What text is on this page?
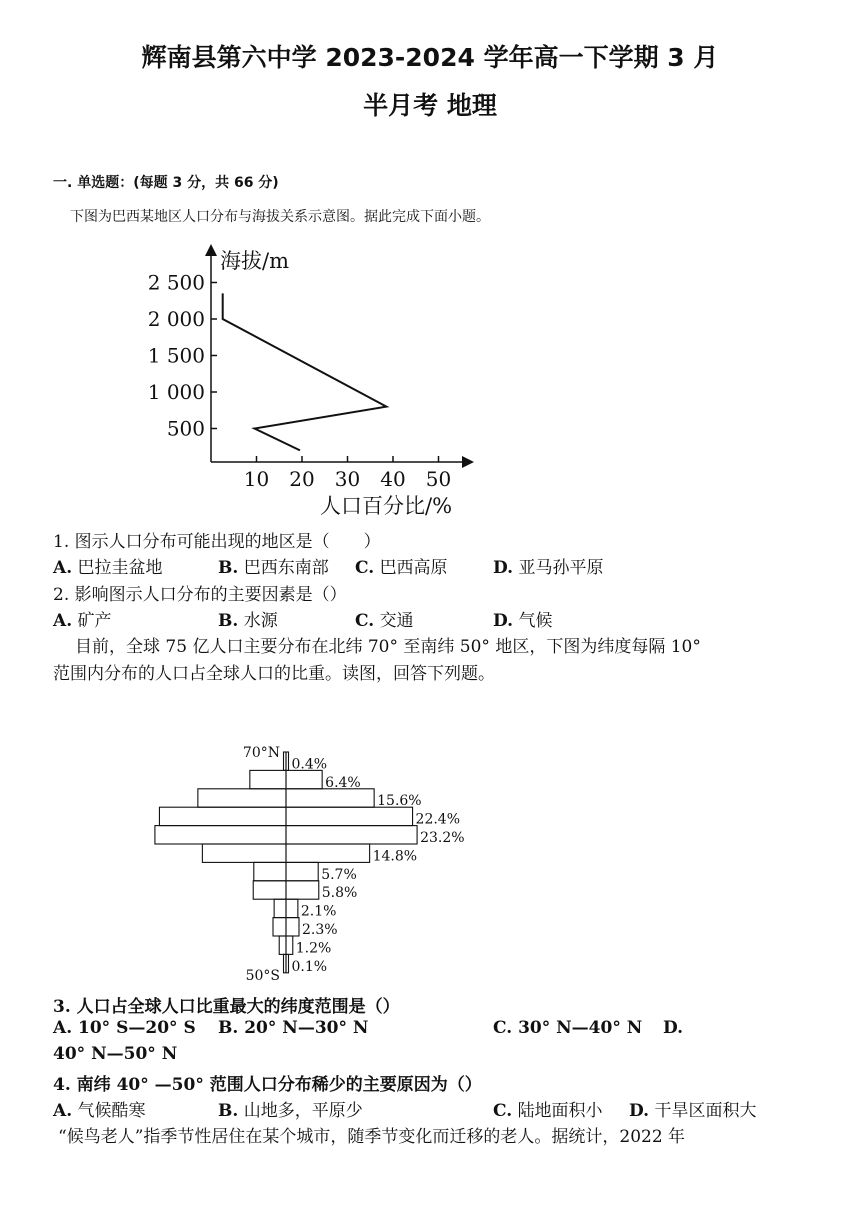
辉南县第六中学 2023-2024 学年高一下学期 3 月
半月考 地理
一. 单选题：(每题 3 分，共 66 分)
下图为巴西某地区人口分布与海拔关系示意图。据此完成下面小题。
海拔/m
人口百分比/%
2 500
2 000
1 500
1 000
500
10 20 30 40 50
1. 图示人口分布可能出现的地区是（　　）
A. 巴拉圭盆地	B. 巴西东南部 C. 巴西高原	D. 亚马孙平原
2. 影响图示人口分布的主要因素是（）
A. 矿产	B. 水源	C. 交通	D. 气候
目前，全球 75 亿人口主要分布在北纬 70° 至南纬 50° 地区，下图为纬度每隔 10°
范围内分布的人口占全球人口的比重。读图，回答下列题。
0.4%
6.4%
15.6%
22.4%
23.2%
14.8%
5.7%
5.8%
2.1%
2.3%
1.2%
0.1%
70°N
50°S
3. 人口占全球人口比重最大的纬度范围是（）
A. 10° S—20° S B. 20° N—30° N	C. 30° N—40° N D.
40° N—50° N
4. 南纬 40° —50° 范围人口分布稀少的主要原因为（）
A. 气候酷寒	B. 山地多，平原少	C. 陆地面积小 D. 干旱区面积大
“候鸟老人”指季节性居住在某个城市，随季节变化而迁移的老人。据统计，2022 年
